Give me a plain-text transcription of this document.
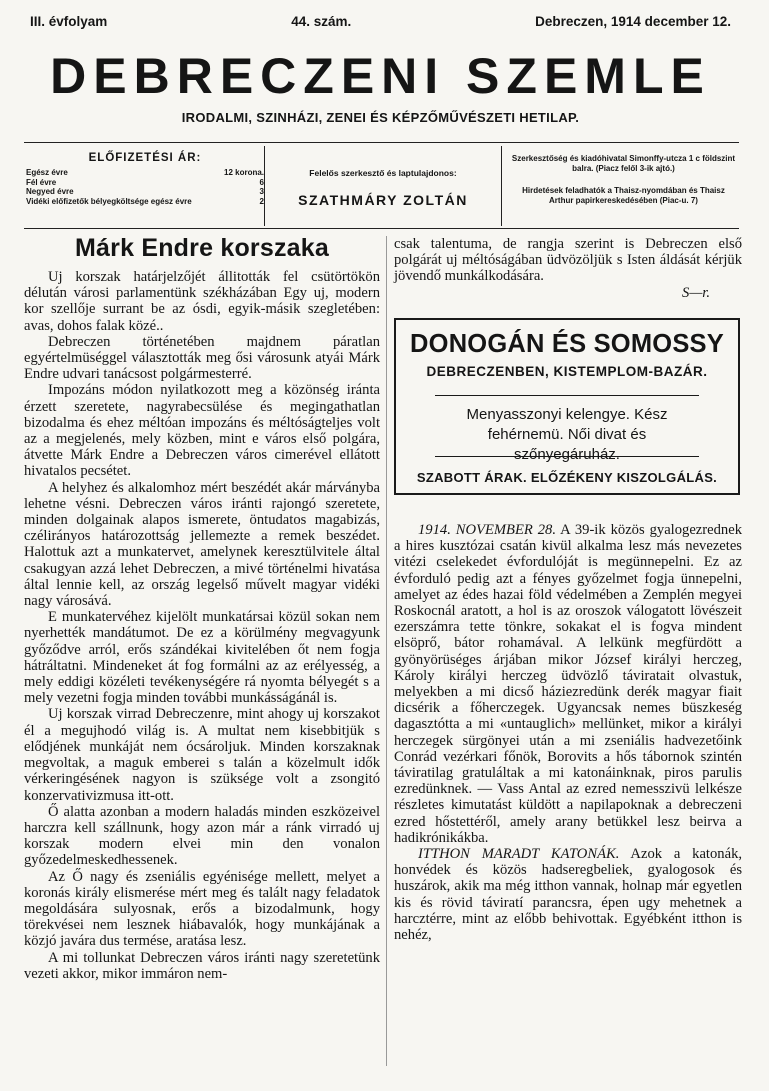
III. évfolyam	44. szám.	Debreczen, 1914 december 12.
DEBRECZENI SZEMLE
IRODALMI, SZINHÁZI, ZENEI ÉS KÉPZŐMŰVÉSZETI HETILAP.
ELŐFIZETÉSI ÁR:
Egész évre	12 korona.
Fél évre	6
Negyed évre	3
Vidéki előfizetők bélyegköltsége egész évre	2
Felelős szerkesztő és laptulajdonos:
SZATHMÁRY ZOLTÁN

Szerkesztőség és kiadóhivatal Simonffy-utcza 1 c földszint balra. (Piacz felől 3-ik ajtó.)

Hirdetések feladhatók a Thaisz-nyomdában és Thaisz Arthur papirkereskedésében (Piac-u. 7)

Márk Endre korszaka

Uj korszak határjelzőjét állitották fel csütörtökön délután városi parlamentünk székházában Egy uj, modern kor szellője surrant be az ósdi, egyik-másik szegletében: avas, dohos falak közé..

Debreczen történetében majdnem páratlan egyértelmüséggel választották meg ősi városunk atyái Márk Endre udvari tanácsost polgármesterré.

Impozáns módon nyilatkozott meg a közönség iránta érzett szeretete, nagyrabecsülése és megingathatlan bizodalma és ehez méltóan impozáns és méltóságteljes volt az a megjelenés, mely közben, mint e város első polgára, átvette Márk Endre a Debreczen város cimerével ellátott hivatalos pecsétet.

A helyhez és alkalomhoz mért beszédét akár márványba lehetne vésni. Debreczen város iránti rajongó szeretete, minden dolgainak alapos ismerete, öntudatos magabizás, czélirányos határozottság jellemezte a remek beszédet. Halottuk azt a munkatervet, amelynek keresztülvitele által csakugyan azzá lehet Debreczen, a mivé történelmi hivatása által lennie kell, az ország legelső művelt magyar vidéki nagy városává.

E munkatervéhez kijelölt munkatársai közül sokan nem nyerhették mandátumot. De ez a körülmény megvagyunk győződve arról, erős szándékai kivitelében őt nem fogja hátráltatni. Mindeneket át fog formálni az az erélyesség, a mely eddigi közéleti tevékenységére rá nyomta bélyegét s a mely vezetni fogja minden további munkásságánál is.

Uj korszak virrad Debreczenre, mint ahogy uj korszakot él a megujhodó világ is. A multat nem kisebbitjük s elődjének munkáját nem ócsároljuk. Minden korszaknak megvoltak, a maguk emberei s talán a közelmult idők vérkeringésének nagyon is szüksége volt a zsongitó konzervativizmusa itt-ott.

Ő alatta azonban a modern haladás minden eszközeivel harczra kell szállnunk, hogy azon már a ránk virradó uj korszak modern elvei min den vonalon győzedelmeskedhessenek.

Az Ő nagy és zseniális egyénisége mellett, melyet a koronás király elismerése mért meg és talált nagy feladatok megoldására sulyosnak, erős a bizodalmunk, hogy törekvései nem lesznek hiábavalók, hogy munkájának a közjó javára dus termése, aratása lesz.

A mi tollunkat Debreczen város iránti nagy szeretetünk vezeti akkor, mikor immáron nem-

csak talentuma, de rangja szerint is Debreczen első polgárát uj méltóságában üdvözöljük s Isten áldását kérjük jövendő munkálkodására.

S—r.

DONOGÁN ÉS SOMOSSY
DEBRECZENBEN, KISTEMPLOM-BAZÁR.
Menyasszonyi kelengye. Kész fehérnemü. Női divat és szőnyegáruház.
SZABOTT ÁRAK. ELŐZÉKENY KISZOLGÁLÁS.

1914. NOVEMBER 28. A 39-ik közös gyalogezrednek a hires kusztózai csatán kivül alkalma lesz más nevezetes vitézi cselekedet évfordulóját is megünnepelni. Ez az évforduló pedig azt a fényes győzelmet fogja ünnepelni, amelyet az édes hazai föld védelmében a Zemplén megyei Roskocnál aratott, a hol is az oroszok válogatott lövészeit ezerszámra tette tönkre, sokakat el is fogva mindent elsöprő, bátor rohamával. A lelkünk megfürdött a gyönyörüséges árjában mikor József királyi herczeg, Károly királyi herczeg üdvözlő táviratait olvastuk, melyekben a mi dicső háziezredünk derék magyar fiait dicsérik a főherczegek. Ugyancsak nemes büszkeség dagasztótta a mi «untauglich» mellünket, mikor a királyi herczegek sürgönyei után a mi zseniális hadvezetőink Conrád vezérkari főnök, Borovits a hős tábornok szintén táviratilag gratuláltak a mi katonáinknak, piros parulis ezredünknek. — Vass Antal az ezred nemesszivü lelkésze részletes kimutatást küldött a napilapoknak a debreczeni ezred hőstettéről, amely arany betükkel lesz beirva a hadikrónikákba.

ITTHON MARADT KATONÁK. Azok a katonák, honvédek és közös hadseregbeliek, gyalogosok és huszárok, akik ma még itthon vannak, holnap már egyetlen kis és rövid táviratí parancsra, épen ugy mehetnek a harcztérre, mint az előbb behivottak. Egyébként itthon is nehéz,
